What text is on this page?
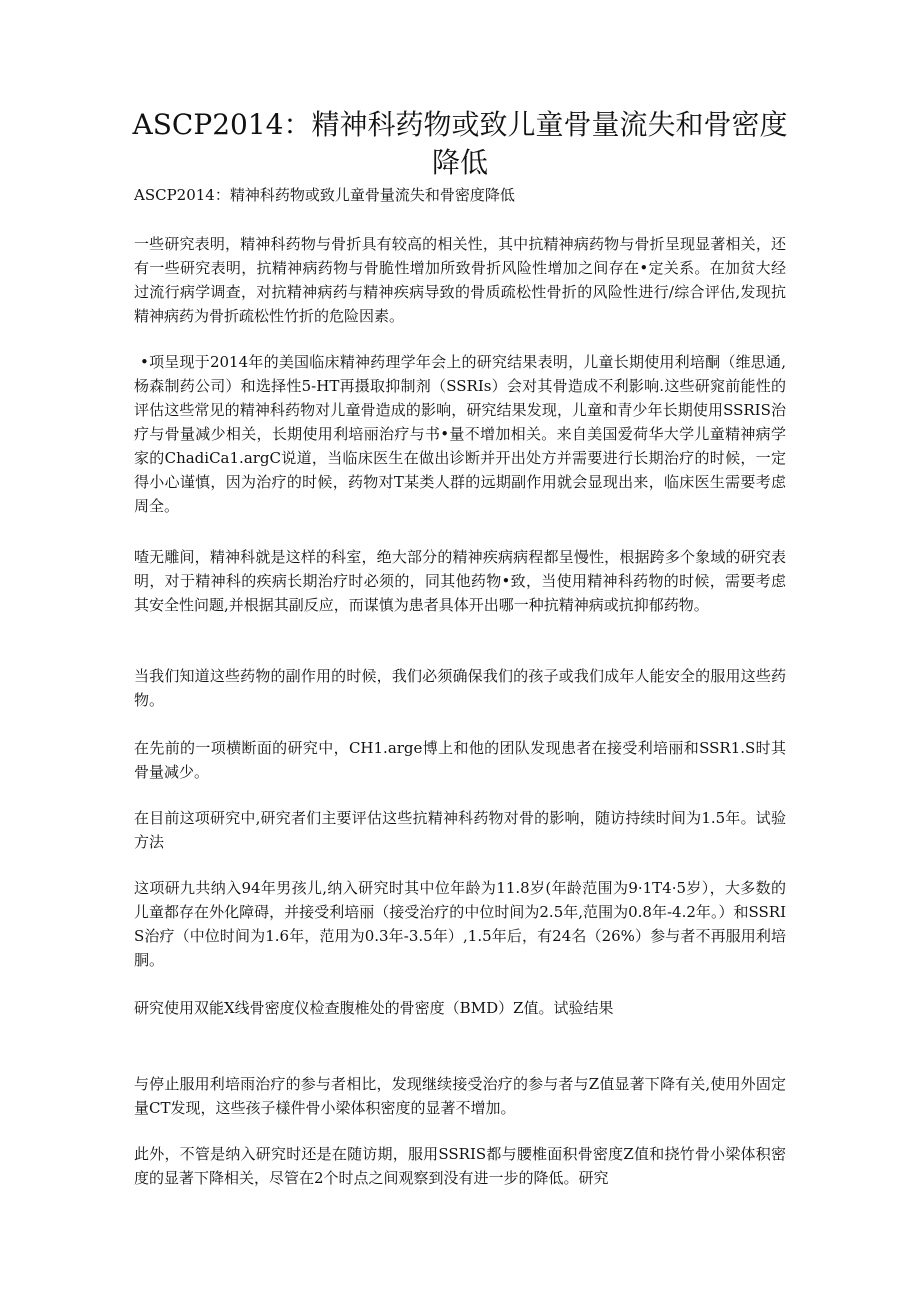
ASCP2014：精神科药物或致儿童骨量流失和骨密度降低

ASCP2014：精神科药物或致儿童骨量流失和骨密度降低

一些研究表明，精神科药物与骨折具有较高的相关性，其中抗精神病药物与骨折呈现显著相关，还有一些研究表明，抗精神病药物与骨脆性增加所致骨折风险性增加之间存在•定关系。在加贫大经过流行病学调查，对抗精神病药与精神疾病导致的骨质疏松性骨折的风险性进行/综合评估,发现抗精神病药为骨折疏松性竹折的危险因素。

•项呈现于2014年的美国临床精神药理学年会上的研究结果表明，儿童长期使用利培酮（维思通,杨森制药公司）和选择性5-HT再摄取抑制剂（SSRIs）会对其骨造成不利影响.这些研窕前能性的评估这些常见的精神科药物对儿童骨造成的影响，研究结果发现，儿童和青少年长期使用SSRIS治疗与骨量减少相关，长期使用利培丽治疗与书•量不增加相关。来自美国爱荷华大学儿童精神病学家的ChadiCa1.argC说道，当临床医生在做出诊断并开出处方并需要进行长期治疗的时候，一定得小心谨慎，因为治疗的时候，药物对T某类人群的远期副作用就会显现出来，临床医生需要考虑周全。

喳无雕间，精神科就是这样的科室，绝大部分的精神疾病病程都呈慢性，根据跨多个象域的研究表明，对于精神科的疾病长期治疗时必须的，同其他药物•致，当使用精神科药物的时候，需要考虑其安全性问题,并根据其副反应，而谋慎为患者具体开出哪一种抗精神病或抗抑郁药物。

当我们知道这些药物的副作用的时候，我们必须确保我们的孩子或我们成年人能安全的服用这些药物。

在先前的一项横断面的研究中，CH1.arge博上和他的团队发现患者在接受利培丽和SSR1.S时其骨量减少。

在目前这项研究中,研究者们主要评估这些抗精神科药物对骨的影响，随访持续时间为1.5年。试验方法

这项研九共纳入94年男孩儿,纳入研究时其中位年龄为11.8岁(年龄范围为9·1T4·5岁），大多数的儿童都存在外化障碍，并接受利培丽（接受治疗的中位时间为2.5年,范围为0.8年-4.2年。）和SSRIS治疗（中位时间为1.6年，范用为0.3年-3.5年）,1.5年后，有24名（26%）参与者不再服用利培胴。

研究使用双能X线骨密度仪检查腹椎处的骨密度（BMD）Z值。试验结果

与停止服用利培雨治疗的参与者相比，发现继续接受治疗的参与者与Z值显著下降有关,使用外固定量CT发现，这些孩子樣件骨小梁体积密度的显著不增加。

此外，不管是纳入研究时还是在随访期，服用SSRIS都与腰椎面积骨密度Z值和挠竹骨小梁体积密度的显著下降相关，尽管在2个时点之间观察到没有进一步的降低。研究
